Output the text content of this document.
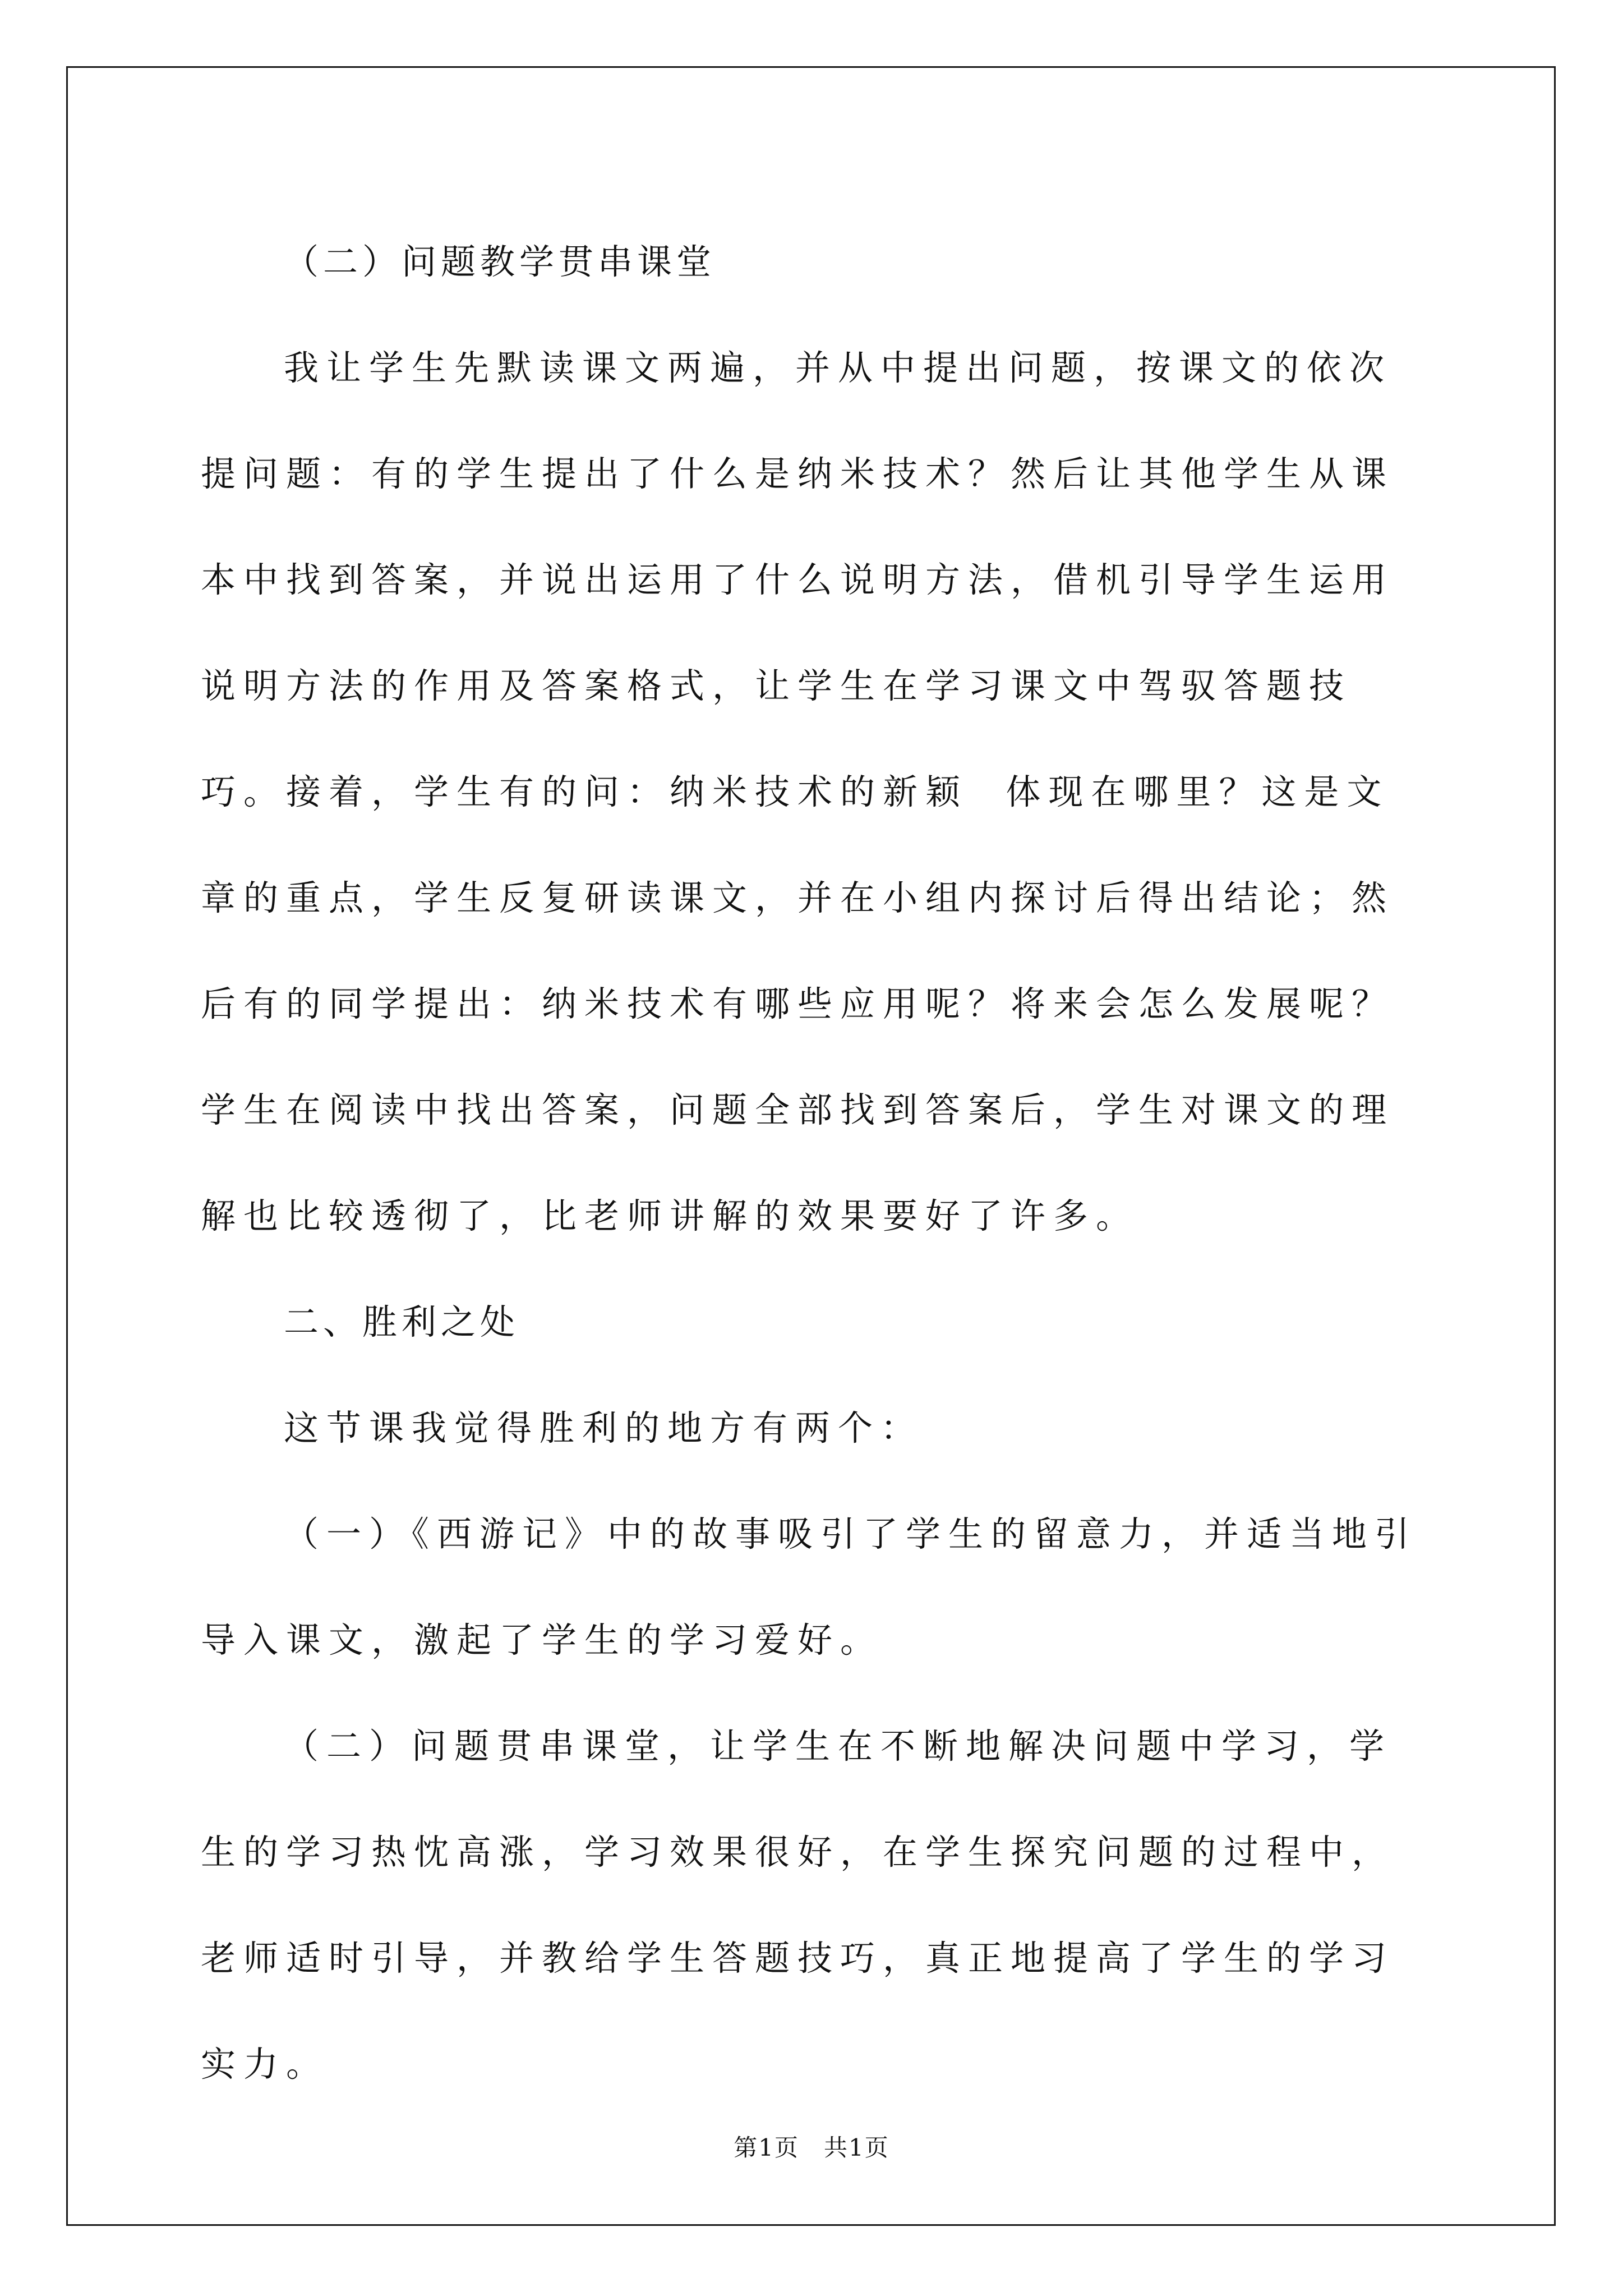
（二）问题教学贯串课堂

我让学生先默读课文两遍，并从中提出问题，按课文的依次提问题：有的学生提出了什么是纳米技术？然后让其他学生从课本中找到答案，并说出运用了什么说明方法，借机引导学生运用说明方法的作用及答案格式，让学生在学习课文中驾驭答题技巧。接着，学生有的问：纳米技术的新颖  体现在哪里？这是文章的重点，学生反复研读课文，并在小组内探讨后得出结论；然后有的同学提出：纳米技术有哪些应用呢？将来会怎么发展呢？学生在阅读中找出答案，问题全部找到答案后，学生对课文的理解也比较透彻了，比老师讲解的效果要好了许多。

二、胜利之处

这节课我觉得胜利的地方有两个：

（一）《西游记》中的故事吸引了学生的留意力，并适当地引导入课文，激起了学生的学习爱好。

（二）问题贯串课堂，让学生在不断地解决问题中学习，学生的学习热忱高涨，学习效果很好，在学生探究问题的过程中，老师适时引导，并教给学生答题技巧，真正地提高了学生的学习实力。

第1页　共1页
